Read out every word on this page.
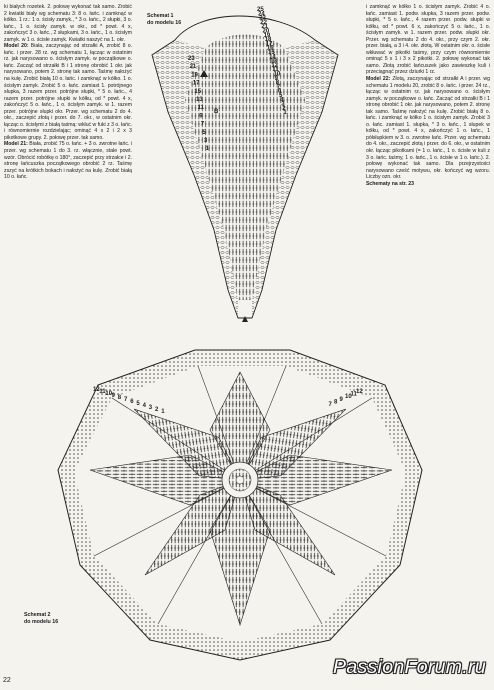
ki białych rozetek. 2. połowę wykonać tak samo. Zrobić 2 kwiatki biały wg schematu 3: 8 o. łańc. i zamknąć w kółko. 1 rz.: 1 o. ścisły zamyk., * 3 o. łańc., 2 słupki, 3 o. łańc., 1 o. ścisły zamyk. w okr., od * powt. 4 x, zakończyć 3 o. łańc., 2 słupkami, 3 o. łańc., 1 o. ścisłym zamyk. w 1 o. ścisłe zamyk. Kwiatki naszyć na 1. okr.

Model 20: Biała, zaczynając od strzałki A, zrobić 8 o. łańc. i przer. 28 rz. wg schematu 1, łącząc w ostatnim rz. jak narysowano o. ścisłym zamyk. w początkowe o. łańc. Zacząć od strzałki B i 1 stronę obrobić 1 okr. jak narysowano, potem 2. stronę tak samo. Taśmę nałożyć na kulę. Zrobić białą 10 o. łańc. i zamknąć w kółko. 1 o. ścisłym zamyk. Zrobić 5 o. łańc. zamiast 1. potrójnego słupka, 3 razem przer. potrójne słupki, * 5 o. łańc., 4 razem przer. potrójne słupki w kółku, od * powt. 4 x, zakończyć 5 o. łańc., 1 o. ścisłym zamyk. w 1. razem przer. potrójne słupki okr. Przer. wg schematu 2 do 4. okr., zaczepić złotą i przer. do 7. okr., w ostatnim okr. łącząc o. ścisłymi z białą taśmą: wkłuć w fuki z 3 o. łańc. i równomiernie rozdzielając; ominąć 4 x 2 i 2 x 3 pikotkowe grupy. 2. połowę przer. tak samo.

Model 21: Biała, zrobić 75 o. łańc. + 3 o. zwrotne łańc. i przer. wg schematu 1 do 3. rz. włącznie, stale powt. wzór. Obrócić robótkę o 180°, zaczepić przy strzałce i 2. stronę łańcuszka początkowego obrobić 2 rz. Taśmę zszyć na krótkich bokach i nałożyć na kulę. Zrobić białą 10 o. łańc.

i zamknąć w kółko 1 o. ścisłym zamyk. Zrobić 4 o. łańc. zamiast 1. podw. słupka, 3 razem przer. podw. słupki, * 5 o. łańc., 4 razem przer. podw. słupki w kółku, od * powt. 6 x, zakończyć 5 o. łańc., 1 o. ścisłym zamyk. w 1. razem przer. podw. słupki okr. Przer. wg schematu 2 do 4. okr., przy czym 2. okr. przer. białą, a 3 i 4. okr. złotą. W ostatnim okr. o. ścisłe wkłuwać w pikotki taśmy, przy czym równomiernie ominąć 5 x 1 i 3 x 2 pikotki. 2. połowę wykonać tak samo. Złotą zrobić łańcuszek jako zawieszkę kuli i przeciągnąć przez dziurki 1 rz.

Model 22: Złotą, zaczynając od strzałki A i przer. wg schematu 1 modelu 20, zrobić 8 o. łańc. i przer. 24 rz., łącząc w ostatnim rz. jak narysowano o. ścisłym zamyk. w początkowe o. łańc. Zacząć od strzałki B i 1 stronę obrobić 1 okr. jak narysowano, potem 2. stronę tak samo. Taśmę nałożyć na kulę. Zrobić białą 8 o. łańc. i zamknąć w kółko 1 o. ścisłym zamyk. Zrobić 3 o. łańc. zamiast 1. słupka, * 3 o. łańc., 1 słupek w kółku, od * powt. 4 x, zakończyć 1 o. łańc., 1 półsłupkiem w 3. o. zwrotne łańc. Przer. wg schematu do 4. okr., zaczepić złotą i przer. do 6. okr., w ostatnim okr. łącząc pikotkami (= 1 o. łańc., 1 o. ścisłe w kuli z 3 o. łańc. taśmy, 1 o. łańc., 1 o. ścisłe w 1 o. łańc.). 2. połowę wykonać tak samo. Dla przejrzystości narysowano cześć motywu, okr. kończyć wg wzoru. Liczby ozn. okr.

Schematy na str. 23

Schemat 1
do modelu 16
25
24
23
22
21
20
19
18
17
16
15
14
13
12
11
10
9
8
7
6
5
4
3
2
1
23
21
19
17
15
13
11
9
7
5
3
1
B
12 11 10 9 8 7 6 5 4 3 2 1
12
11
10
9
8
7
Schemat 2
do modelu 16
22
PassionForum.ru
